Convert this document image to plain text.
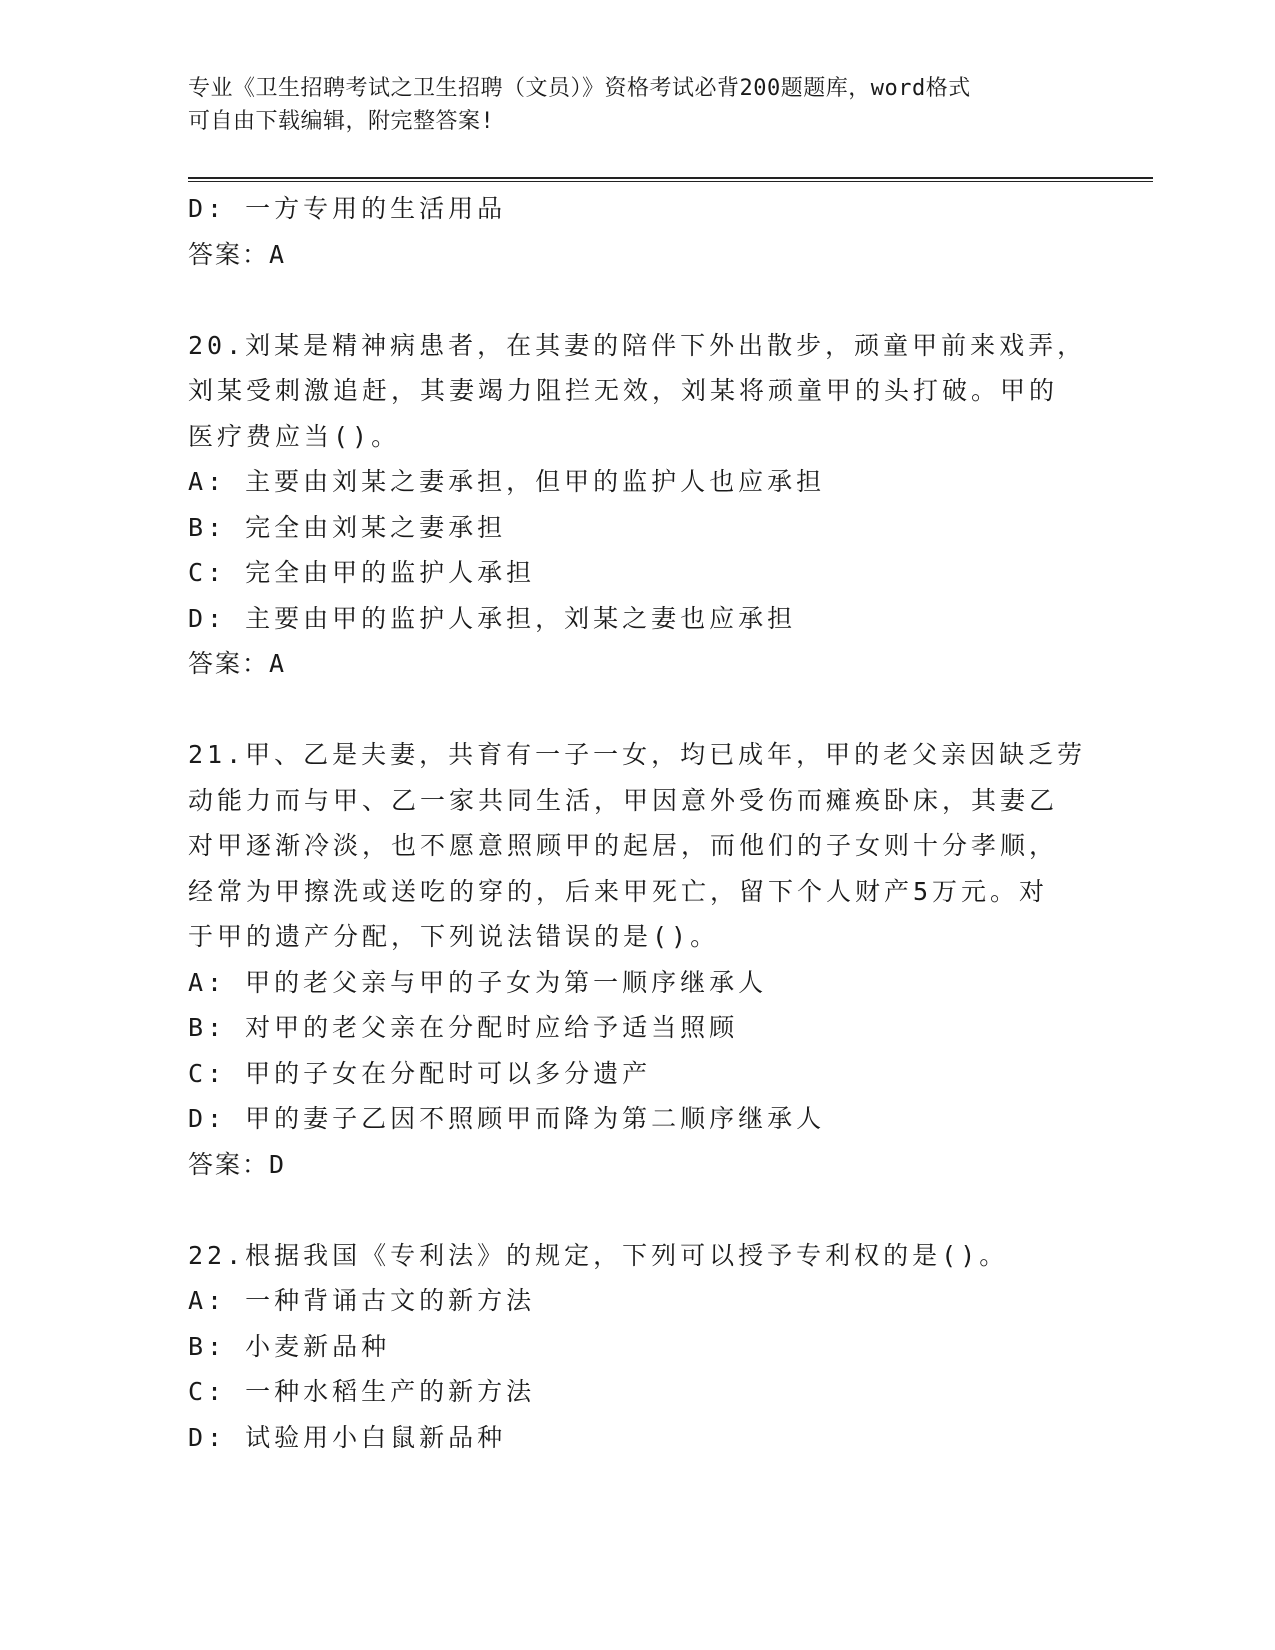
专业《卫生招聘考试之卫生招聘（文员）》资格考试必背200题题库，word格式
可自由下载编辑，附完整答案!
D: 一方专用的生活用品
答案：A
20.刘某是精神病患者，在其妻的陪伴下外出散步，顽童甲前来戏弄，
刘某受刺激追赶，其妻竭力阻拦无效，刘某将顽童甲的头打破。甲的
医疗费应当()。
A: 主要由刘某之妻承担，但甲的监护人也应承担
B: 完全由刘某之妻承担
C: 完全由甲的监护人承担
D: 主要由甲的监护人承担，刘某之妻也应承担
答案：A
21.甲、乙是夫妻，共育有一子一女，均已成年，甲的老父亲因缺乏劳
动能力而与甲、乙一家共同生活，甲因意外受伤而瘫痪卧床，其妻乙
对甲逐渐冷淡，也不愿意照顾甲的起居，而他们的子女则十分孝顺，
经常为甲擦洗或送吃的穿的，后来甲死亡，留下个人财产5万元。对
于甲的遗产分配，下列说法错误的是()。
A: 甲的老父亲与甲的子女为第一顺序继承人
B: 对甲的老父亲在分配时应给予适当照顾
C: 甲的子女在分配时可以多分遗产
D: 甲的妻子乙因不照顾甲而降为第二顺序继承人
答案：D
22.根据我国《专利法》的规定，下列可以授予专利权的是()。
A: 一种背诵古文的新方法
B: 小麦新品种
C: 一种水稻生产的新方法
D: 试验用小白鼠新品种
